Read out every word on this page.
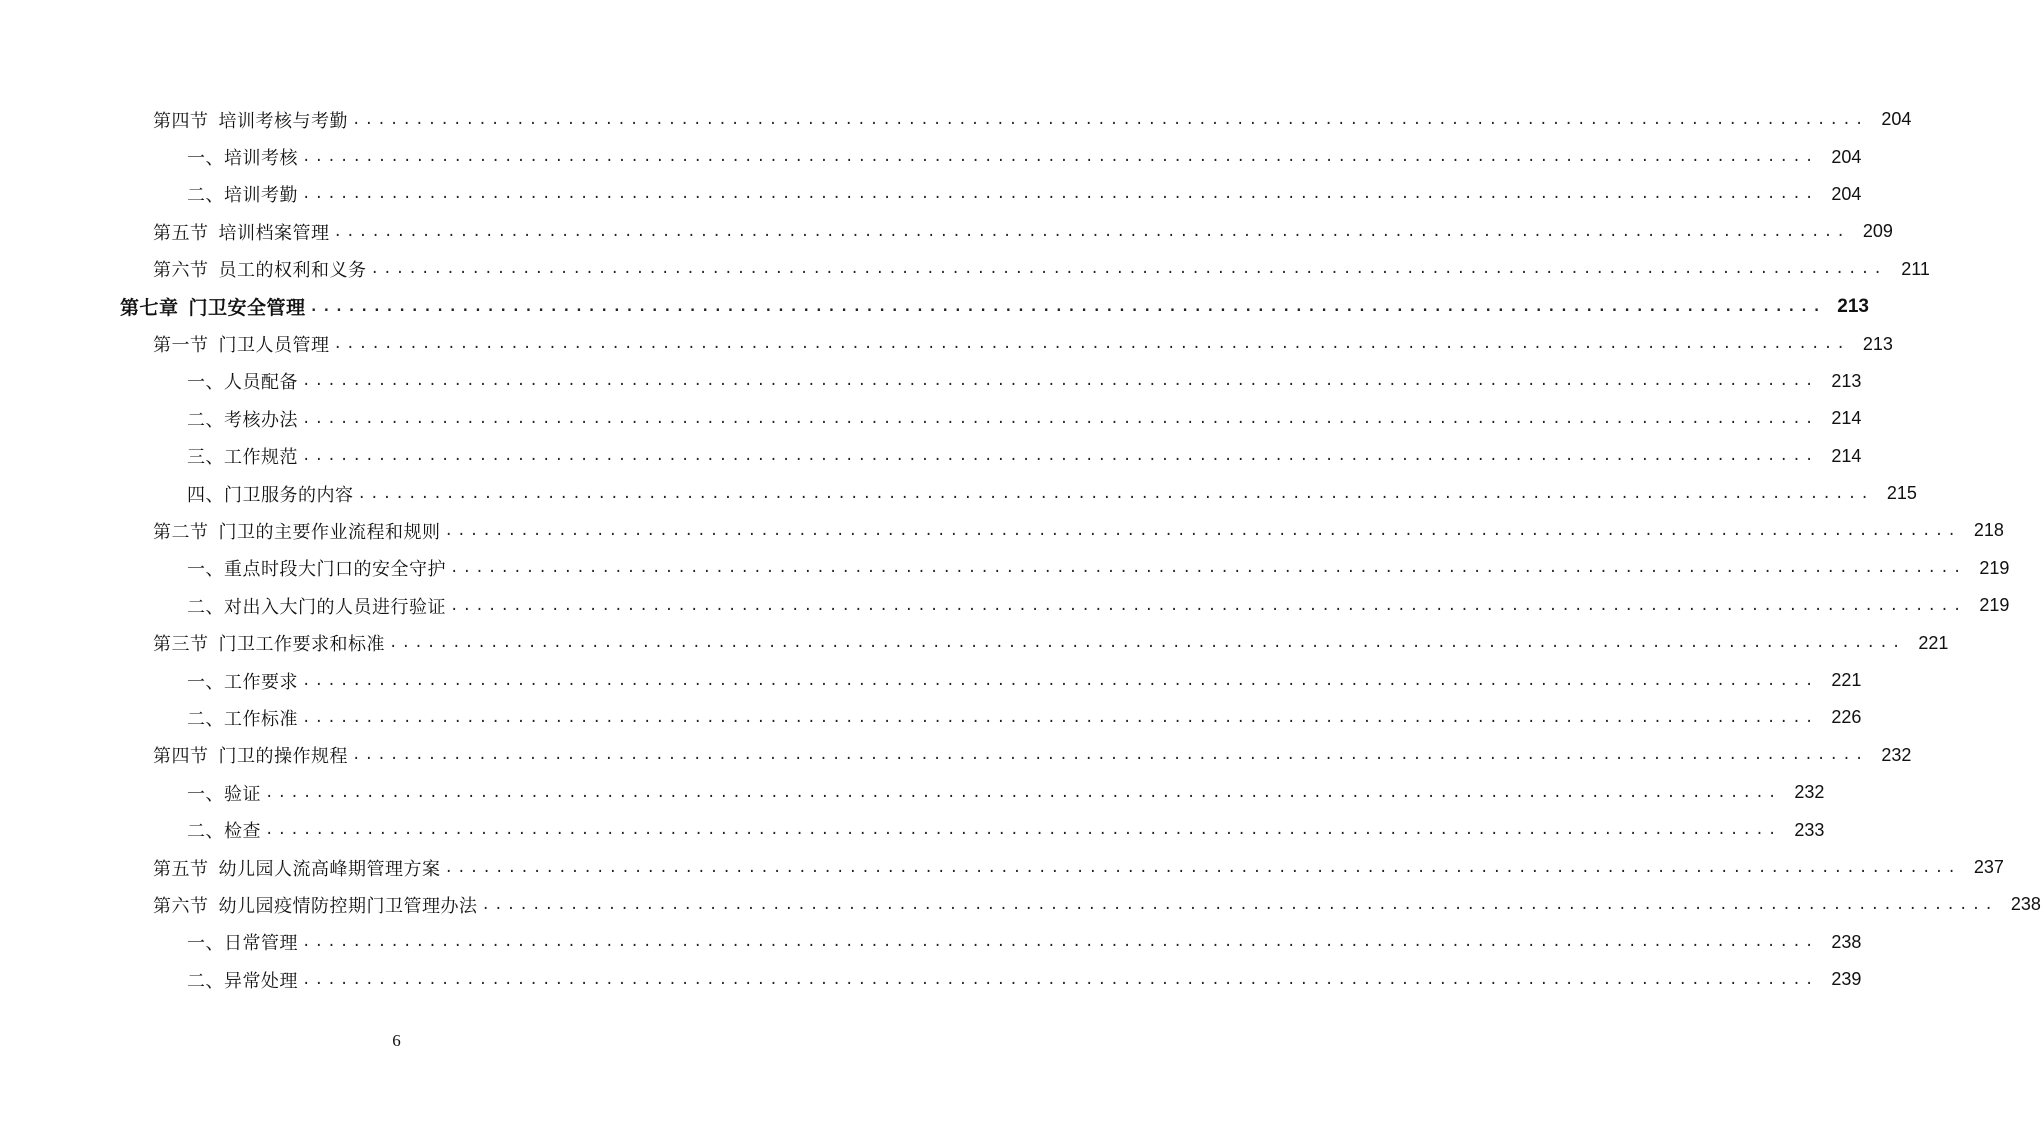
第四节 培训考核与考勤 ........................................................................................................................ 204
一、培训考核 ........................................................................................................................ 204
二、培训考勤 ........................................................................................................................ 204
第五节 培训档案管理 ........................................................................................................................ 209
第六节 员工的权利和义务 ........................................................................................................................ 211
第七章 门卫安全管理 ........................................................................................................................ 213
第一节 门卫人员管理 ........................................................................................................................ 213
一、人员配备 ........................................................................................................................ 213
二、考核办法 ........................................................................................................................ 214
三、工作规范 ........................................................................................................................ 214
四、门卫服务的内容 ........................................................................................................................ 215
第二节 门卫的主要作业流程和规则 ........................................................................................................................ 218
一、重点时段大门口的安全守护 ........................................................................................................................ 219
二、对出入大门的人员进行验证 ........................................................................................................................ 219
第三节 门卫工作要求和标准 ........................................................................................................................ 221
一、工作要求 ........................................................................................................................ 221
二、工作标准 ........................................................................................................................ 226
第四节 门卫的操作规程 ........................................................................................................................ 232
一、验证 ........................................................................................................................ 232
二、检查 ........................................................................................................................ 233
第五节 幼儿园人流高峰期管理方案 ........................................................................................................................ 237
第六节 幼儿园疫情防控期门卫管理办法 ........................................................................................................................ 238
一、日常管理 ........................................................................................................................ 238
二、异常处理 ........................................................................................................................ 239
6
